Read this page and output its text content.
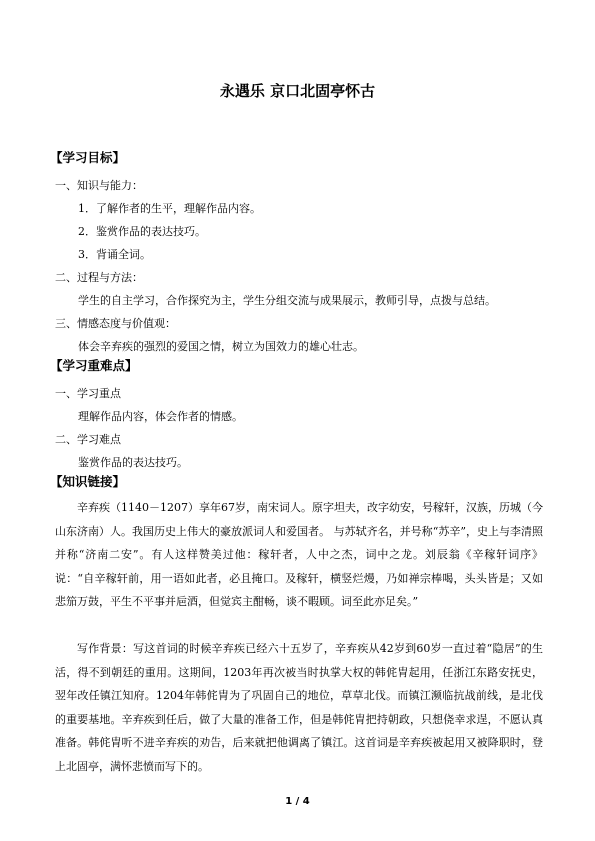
永遇乐 京口北固亭怀古
【学习目标】
一、知识与能力：
1．了解作者的生平，理解作品内容。
2．鉴赏作品的表达技巧。
3．背诵全词。
二、过程与方法：
学生的自主学习，合作探究为主，学生分组交流与成果展示，教师引导，点拨与总结。
三、情感态度与价值观：
体会辛弃疾的强烈的爱国之情，树立为国效力的雄心壮志。
【学习重难点】
一、学习重点
理解作品内容，体会作者的情感。
二、学习难点
鉴赏作品的表达技巧。
【知识链接】
辛弃疾（1140－1207）享年67岁，南宋词人。原字坦夫，改字幼安，号稼轩，汉族，历城（今山东济南）人。我国历史上伟大的豪放派词人和爱国者。 与苏轼齐名，并号称“苏辛”，史上与李清照并称“济南二安”。有人这样赞美过他：稼轩者，人中之杰，词中之龙。刘辰翁《辛稼轩词序》说：“自辛稼轩前，用一语如此者，必且掩口。及稼轩，横竖烂熳，乃如禅宗棒喝，头头皆是；又如悲笳万鼓，平生不平事并巵酒，但觉宾主酣畅，谈不暇顾。词至此亦足矣。”
写作背景：写这首词的时候辛弃疾已经六十五岁了，辛弃疾从42岁到60岁一直过着“隐居”的生活，得不到朝廷的重用。这期间，1203年再次被当时执掌大权的韩侂胄起用，任浙江东路安抚史，翌年改任镇江知府。1204年韩侂胄为了巩固自己的地位，草草北伐。而镇江濒临抗战前线，是北伐的重要基地。辛弃疾到任后，做了大量的准备工作，但是韩侂胄把持朝政，只想侥幸求逞，不愿认真准备。韩侂胄听不进辛弃疾的劝告，后来就把他调离了镇江。这首词是辛弃疾被起用又被降职时，登上北固亭，满怀悲愤而写下的。
1 / 4
